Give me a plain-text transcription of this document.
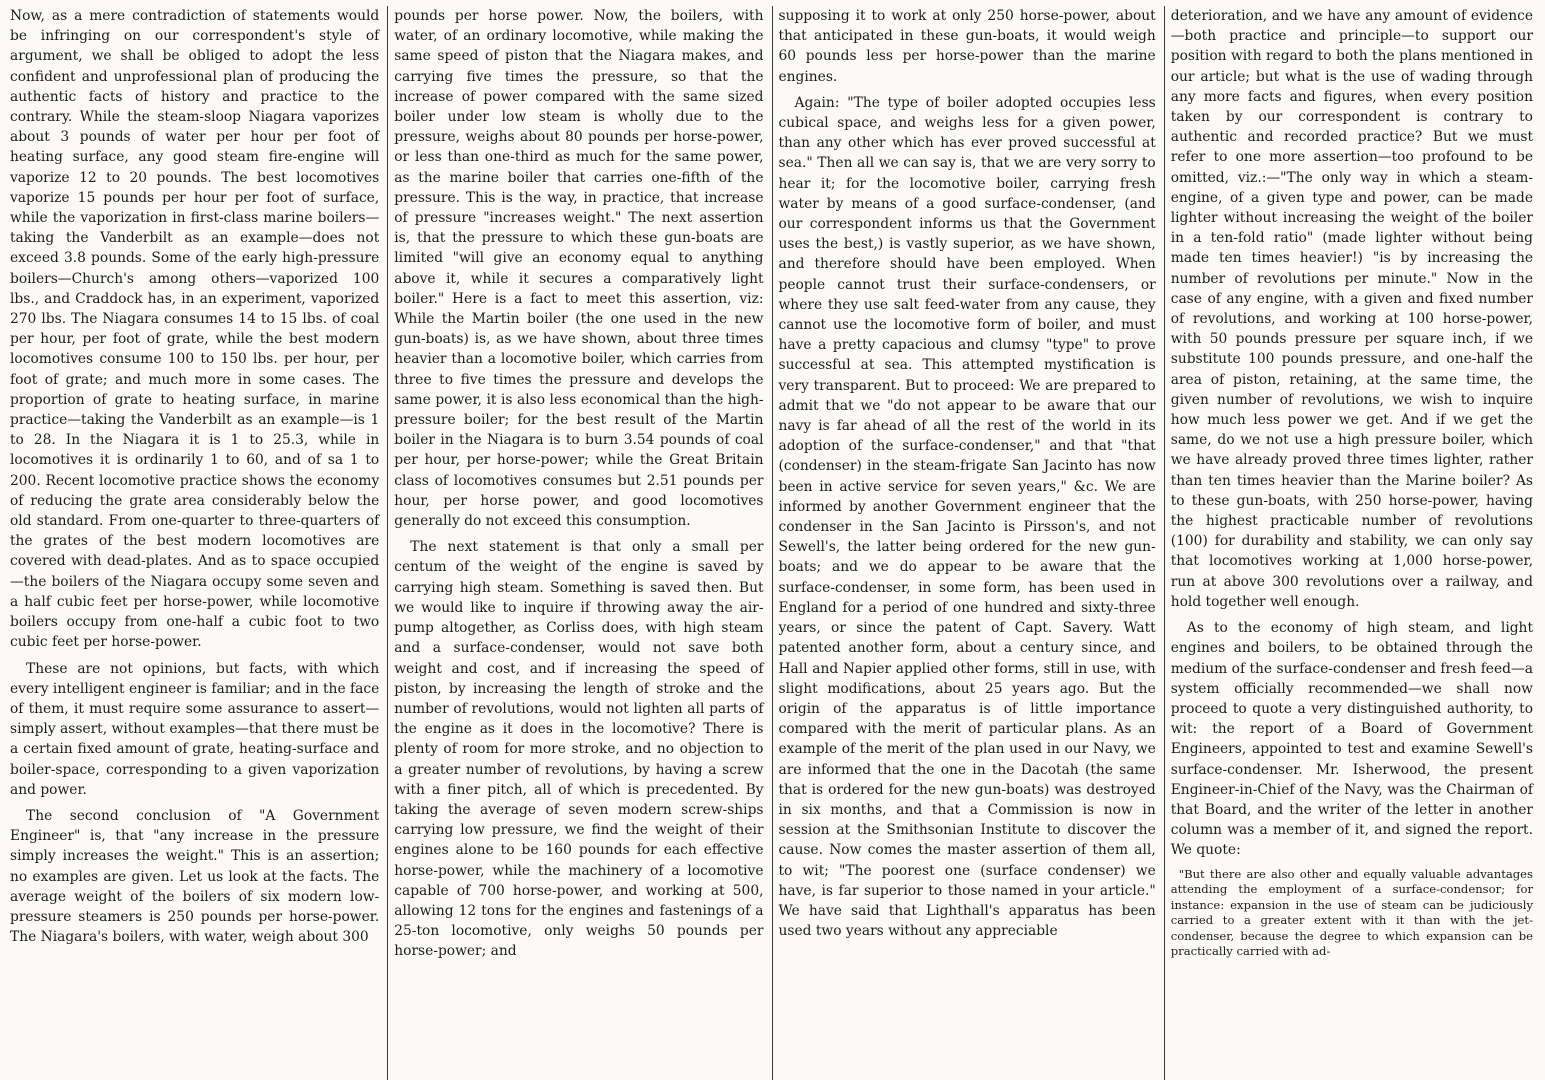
Now, as a mere contradiction of statements would be infringing on our correspondent's style of argument, we shall be obliged to adopt the less confident and unprofessional plan of producing the authentic facts of history and practice to the contrary. While the steam-sloop Niagara vaporizes about 3 pounds of water per hour per foot of heating surface, any good steam fire-engine will vaporize 12 to 20 pounds. The best locomotives vaporize 15 pounds per hour per foot of surface, while the vaporization in first-class marine boilers—taking the Vanderbilt as an example—does not exceed 3.8 pounds. Some of the early high-pressure boilers—Church's among others—vaporized 100 lbs., and Craddock has, in an experiment, vaporized 270 lbs. The Niagara consumes 14 to 15 lbs. of coal per hour, per foot of grate, while the best modern locomotives consume 100 to 150 lbs. per hour, per foot of grate; and much more in some cases. The proportion of grate to heating surface, in marine practice—taking the Vanderbilt as an example—is 1 to 28. In the Niagara it is 1 to 25.3, while in locomotives it is ordinarily 1 to 60, and of sa 1 to 200. Recent locomotive practice shows the economy of reducing the grate area considerably below the old standard. From one-quarter to three-quarters of the grates of the best modern locomotives are covered with dead-plates. And as to space occupied—the boilers of the Niagara occupy some seven and a half cubic feet per horse-power, while locomotive boilers occupy from one-half a cubic foot to two cubic feet per horse-power.

These are not opinions, but facts, with which every intelligent engineer is familiar; and in the face of them, it must require some assurance to assert—simply assert, without examples—that there must be a certain fixed amount of grate, heating-surface and boiler-space, corresponding to a given vaporization and power.

The second conclusion of "A Government Engineer" is, that "any increase in the pressure simply increases the weight." This is an assertion; no examples are given. Let us look at the facts. The average weight of the boilers of six modern low-pressure steamers is 250 pounds per horse-power. The Niagara's boilers, with water, weigh about 300

pounds per horse power. Now, the boilers, with water, of an ordinary locomotive, while making the same speed of piston that the Niagara makes, and carrying five times the pressure, so that the increase of power compared with the same sized boiler under low steam is wholly due to the pressure, weighs about 80 pounds per horse-power, or less than one-third as much for the same power, as the marine boiler that carries one-fifth of the pressure. This is the way, in practice, that increase of pressure "increases weight." The next assertion is, that the pressure to which these gun-boats are limited "will give an economy equal to anything above it, while it secures a comparatively light boiler." Here is a fact to meet this assertion, viz: While the Martin boiler (the one used in the new gun-boats) is, as we have shown, about three times heavier than a locomotive boiler, which carries from three to five times the pressure and develops the same power, it is also less economical than the high-pressure boiler; for the best result of the Martin boiler in the Niagara is to burn 3.54 pounds of coal per hour, per horse-power; while the Great Britain class of locomotives consumes but 2.51 pounds per hour, per horse power, and good locomotives generally do not exceed this consumption.

The next statement is that only a small per centum of the weight of the engine is saved by carrying high steam. Something is saved then. But we would like to inquire if throwing away the air-pump altogether, as Corliss does, with high steam and a surface-condenser, would not save both weight and cost, and if increasing the speed of piston, by increasing the length of stroke and the number of revolutions, would not lighten all parts of the engine as it does in the locomotive? There is plenty of room for more stroke, and no objection to a greater number of revolutions, by having a screw with a finer pitch, all of which is precedented. By taking the average of seven modern screw-ships carrying low pressure, we find the weight of their engines alone to be 160 pounds for each effective horse-power, while the machinery of a locomotive capable of 700 horse-power, and working at 500, allowing 12 tons for the engines and fastenings of a 25-ton locomotive, only weighs 50 pounds per horse-power; and

supposing it to work at only 250 horse-power, about that anticipated in these gun-boats, it would weigh 60 pounds less per horse-power than the marine engines.

Again: "The type of boiler adopted occupies less cubical space, and weighs less for a given power, than any other which has ever proved successful at sea." Then all we can say is, that we are very sorry to hear it; for the locomotive boiler, carrying fresh water by means of a good surface-condenser, (and our correspondent informs us that the Government uses the best,) is vastly superior, as we have shown, and therefore should have been employed. When people cannot trust their surface-condensers, or where they use salt feed-water from any cause, they cannot use the locomotive form of boiler, and must have a pretty capacious and clumsy "type" to prove successful at sea. This attempted mystification is very transparent. But to proceed: We are prepared to admit that we "do not appear to be aware that our navy is far ahead of all the rest of the world in its adoption of the surface-condenser," and that "that (condenser) in the steam-frigate San Jacinto has now been in active service for seven years," &c. We are informed by another Government engineer that the condenser in the San Jacinto is Pirsson's, and not Sewell's, the latter being ordered for the new gun-boats; and we do appear to be aware that the surface-condenser, in some form, has been used in England for a period of one hundred and sixty-three years, or since the patent of Capt. Savery. Watt patented another form, about a century since, and Hall and Napier applied other forms, still in use, with slight modifications, about 25 years ago. But the origin of the apparatus is of little importance compared with the merit of particular plans. As an example of the merit of the plan used in our Navy, we are informed that the one in the Dacotah (the same that is ordered for the new gun-boats) was destroyed in six months, and that a Commission is now in session at the Smithsonian Institute to discover the cause. Now comes the master assertion of them all, to wit; "The poorest one (surface condenser) we have, is far superior to those named in your article." We have said that Lighthall's apparatus has been used two years without any appreciable

deterioration, and we have any amount of evidence—both practice and principle—to support our position with regard to both the plans mentioned in our article; but what is the use of wading through any more facts and figures, when every position taken by our correspondent is contrary to authentic and recorded practice? But we must refer to one more assertion—too profound to be omitted, viz.:—"The only way in which a steam-engine, of a given type and power, can be made lighter without increasing the weight of the boiler in a ten-fold ratio" (made lighter without being made ten times heavier!) "is by increasing the number of revolutions per minute." Now in the case of any engine, with a given and fixed number of revolutions, and working at 100 horse-power, with 50 pounds pressure per square inch, if we substitute 100 pounds pressure, and one-half the area of piston, retaining, at the same time, the given number of revolutions, we wish to inquire how much less power we get. And if we get the same, do we not use a high pressure boiler, which we have already proved three times lighter, rather than ten times heavier than the Marine boiler? As to these gun-boats, with 250 horse-power, having the highest practicable number of revolutions (100) for durability and stability, we can only say that locomotives working at 1,000 horse-power, run at above 300 revolutions over a railway, and hold together well enough.

As to the economy of high steam, and light engines and boilers, to be obtained through the medium of the surface-condenser and fresh feed—a system officially recommended—we shall now proceed to quote a very distinguished authority, to wit: the report of a Board of Government Engineers, appointed to test and examine Sewell's surface-condenser. Mr. Isherwood, the present Engineer-in-Chief of the Navy, was the Chairman of that Board, and the writer of the letter in another column was a member of it, and signed the report. We quote:

"But there are also other and equally valuable advantages attending the employment of a surface-condensor; for instance: expansion in the use of steam can be judiciously carried to a greater extent with it than with the jet-condenser, because the degree to which expansion can be practically carried with ad-
